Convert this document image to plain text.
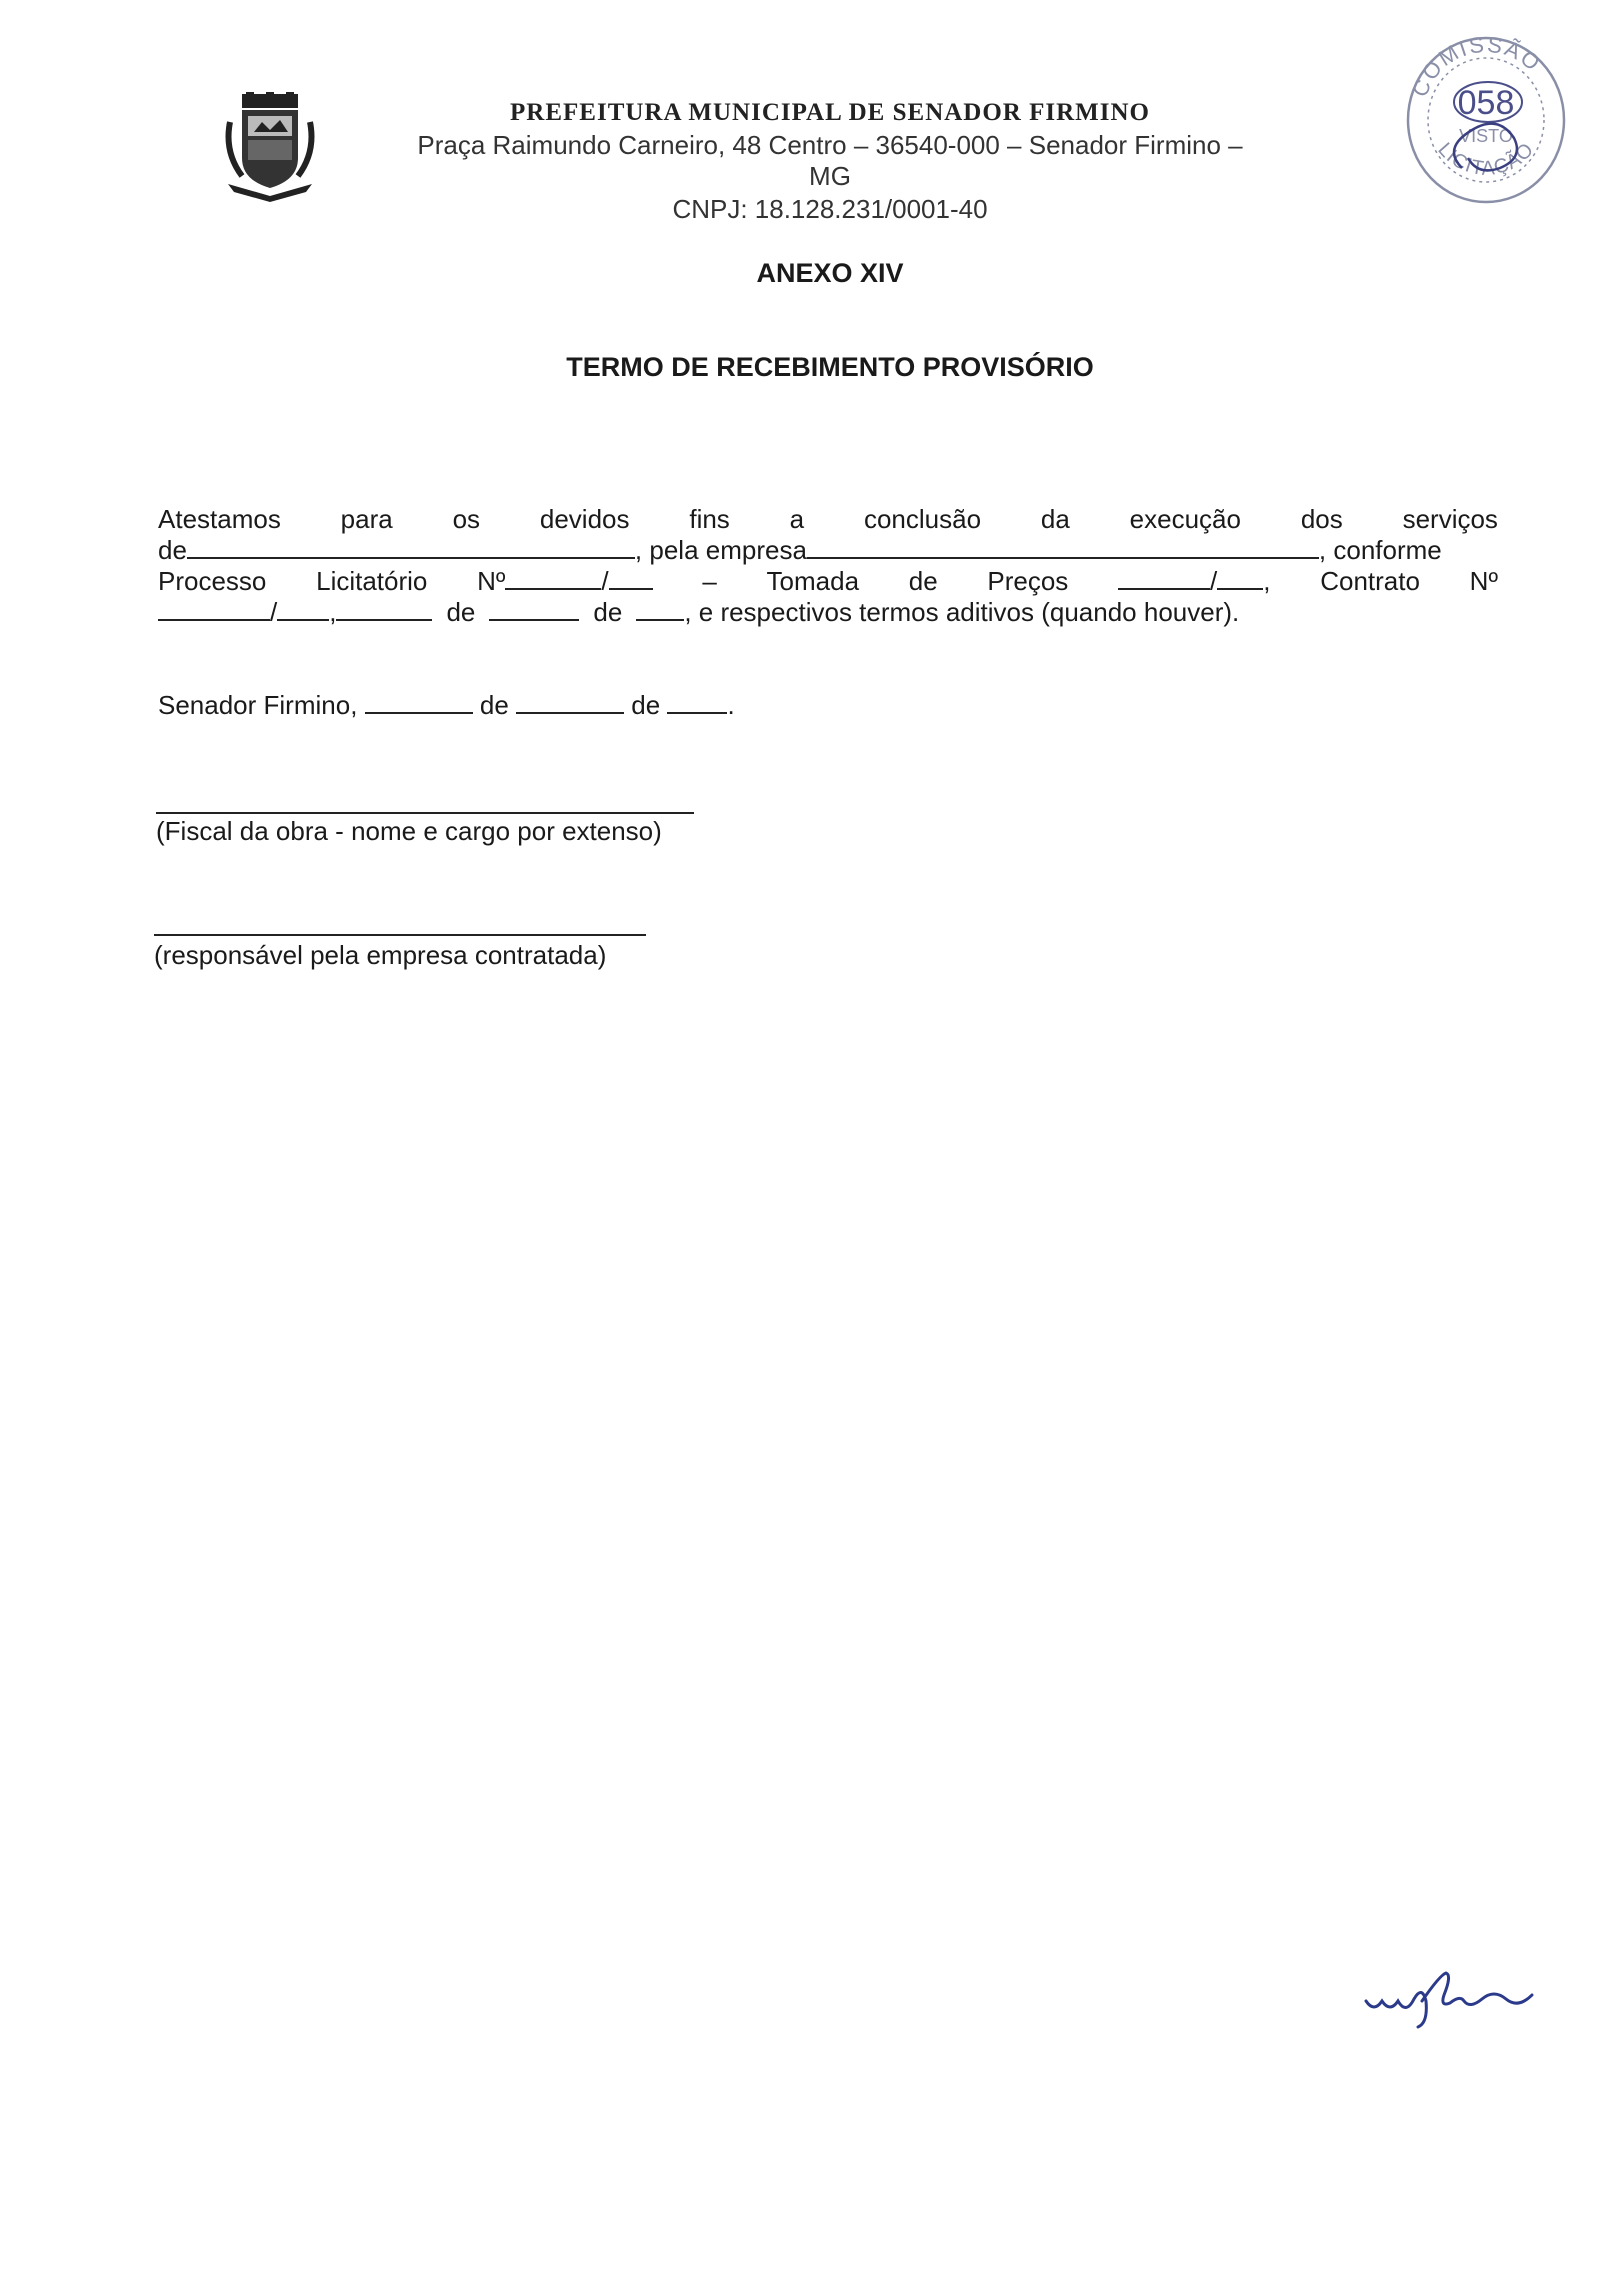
PREFEITURA MUNICIPAL DE SENADOR FIRMINO
Praça Raimundo Carneiro, 48 Centro – 36540-000 – Senador Firmino – MG
CNPJ: 18.128.231/0001-40
COMISSÃO
058
VISTO
LICITAÇÃO
ANEXO XIV
TERMO DE RECEBIMENTO PROVISÓRIO
Atestamos para os devidos fins a conclusão da execução dos serviços
de	, pela empresa	, conforme
Processo Licitatório Nº	/	– Tomada de Preços	/ , Contrato Nº
/ ,	de	de , e respectivos termos aditivos (quando houver).
Senador Firmino,	de	de	.
(Fiscal da obra - nome e cargo por extenso)
(responsável pela empresa contratada)
